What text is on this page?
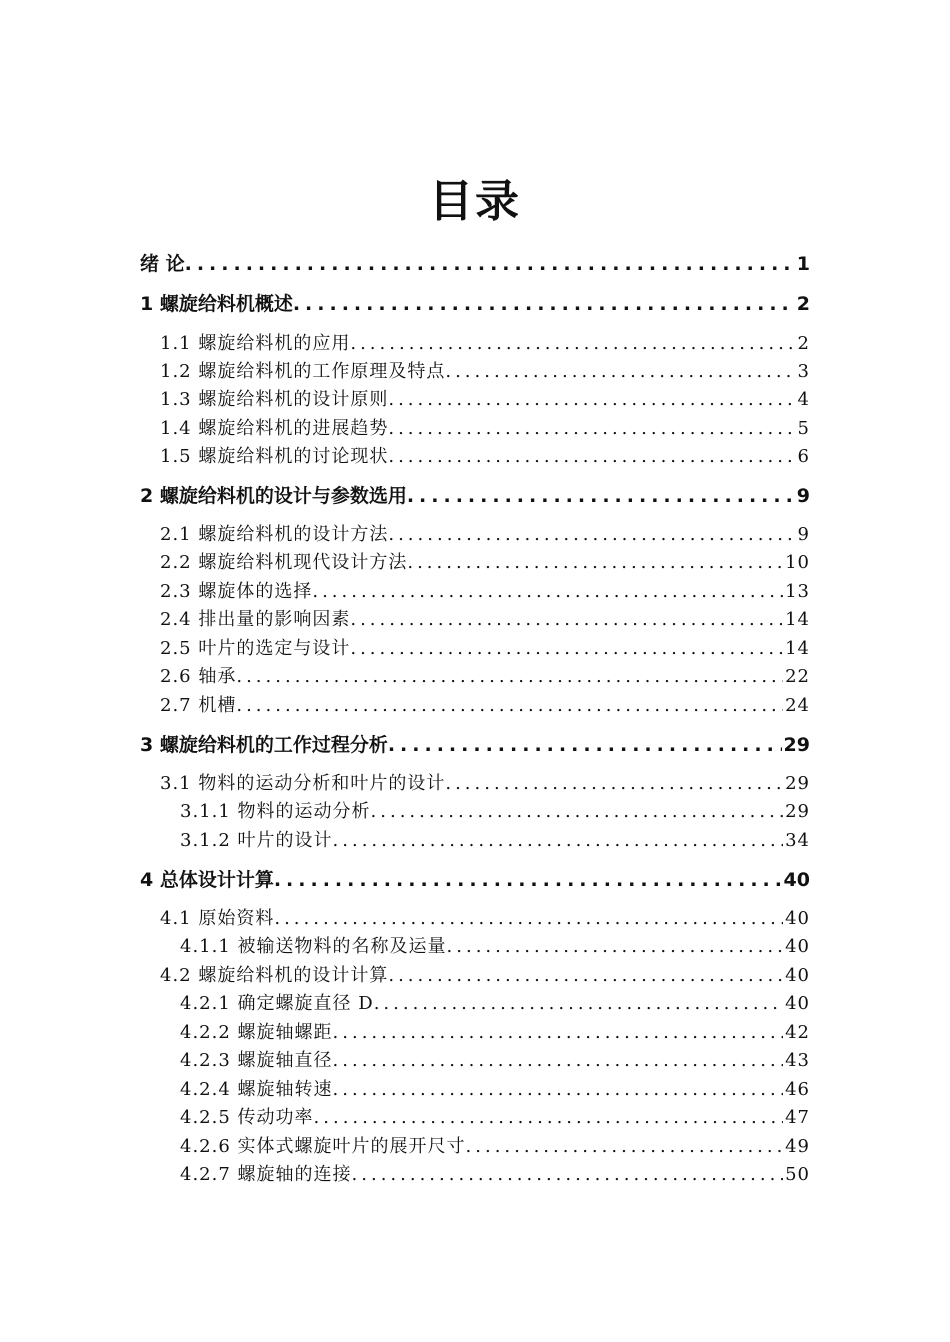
目录
绪 论 .....	1
1 螺旋给料机概述 .....	2
1.1 螺旋给料机的应用 .....	2
1.2 螺旋给料机的工作原理及特点 .....	3
1.3 螺旋给料机的设计原则 .....	4
1.4 螺旋给料机的进展趋势 .....	5
1.5 螺旋给料机的讨论现状 .....	6
2 螺旋给料机的设计与参数选用 .....	9
2.1 螺旋给料机的设计方法 .....	9
2.2 螺旋给料机现代设计方法 .....	10
2.3 螺旋体的选择 .....	13
2.4 排出量的影响因素 .....	14
2.5 叶片的选定与设计 .....	14
2.6 轴承 .....	22
2.7 机槽 .....	24
3 螺旋给料机的工作过程分析 .....	29
3.1 物料的运动分析和叶片的设计 .....	29
3.1.1 物料的运动分析 .....	29
3.1.2 叶片的设计 .....	34
4 总体设计计算 .....	40
4.1 原始资料 .....	40
4.1.1 被输送物料的名称及运量 .....	40
4.2 螺旋给料机的设计计算 .....	40
4.2.1 确定螺旋直径 D .....	40
4.2.2 螺旋轴螺距 .....	42
4.2.3 螺旋轴直径 .....	43
4.2.4 螺旋轴转速 .....	46
4.2.5 传动功率 .....	47
4.2.6 实体式螺旋叶片的展开尺寸 .....	49
4.2.7 螺旋轴的连接 .....	50
